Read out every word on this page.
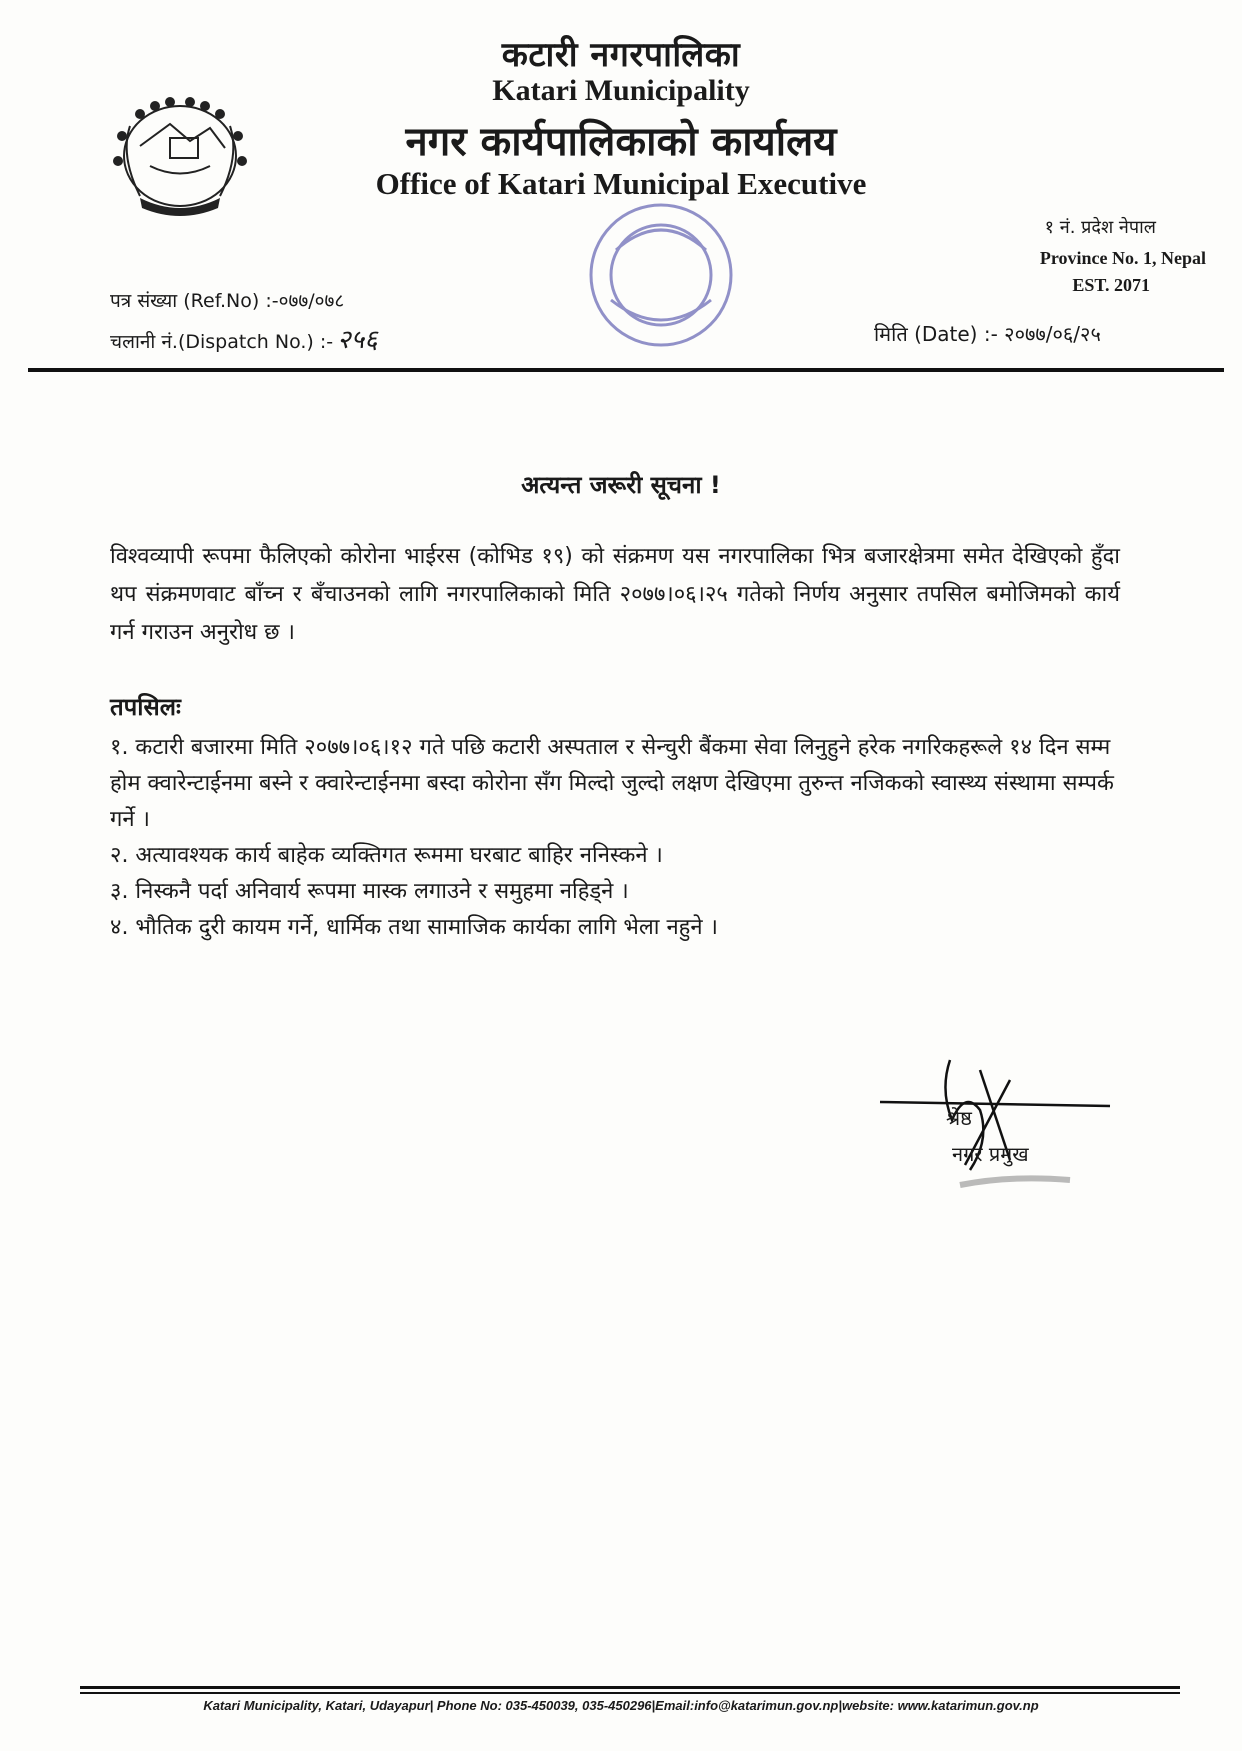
कटारी नगरपालिका
Katari Municipality
नगर कार्यपालिकाको कार्यालय
Office of Katari Municipal Executive
१ नं. प्रदेश नेपाल
Province No. 1, Nepal
EST. 2071
पत्र संख्या (Ref.No) :-०७७/०७८
चलानी नं.(Dispatch No.) :- २५६	मिति (Date) :- २०७७/०६/२५
अत्यन्त जरूरी सूचना !
विश्वव्यापी रूपमा फैलिएको कोरोना भाईरस (कोभिड १९) को संक्रमण यस नगरपालिका भित्र बजारक्षेत्रमा समेत देखिएको हुँदा थप संक्रमणवाट बाँच्न र बँचाउनको लागि नगरपालिकाको मिति २०७७।०६।२५ गतेको निर्णय अनुसार तपसिल बमोजिमको कार्य गर्न गराउन अनुरोध छ ।
तपसिलः
१. कटारी बजारमा मिति २०७७।०६।१२ गते पछि कटारी अस्पताल र सेन्चुरी बैंकमा सेवा लिनुहुने हरेक नगरिकहरूले १४ दिन सम्म होम क्वारेन्टाईनमा बस्ने र क्वारेन्टाईनमा बस्दा कोरोना सँग मिल्दो जुल्दो लक्षण देखिएमा तुरुन्त नजिकको स्वास्थ्य संस्थामा सम्पर्क गर्ने ।
२. अत्यावश्यक कार्य बाहेक व्यक्तिगत रूममा घरबाट बाहिर ननिस्कने ।
३. निस्कनै पर्दा अनिवार्य रूपमा मास्क लगाउने र समुहमा नहिड्ने ।
४. भौतिक दुरी कायम गर्ने, धार्मिक तथा सामाजिक कार्यका लागि भेला नहुने ।
श्रेष्ठ
नगर प्रमुख
Katari Municipality, Katari, Udayapur| Phone No: 035-450039, 035-450296|Email:info@katarimun.gov.np|website: www.katarimun.gov.np
